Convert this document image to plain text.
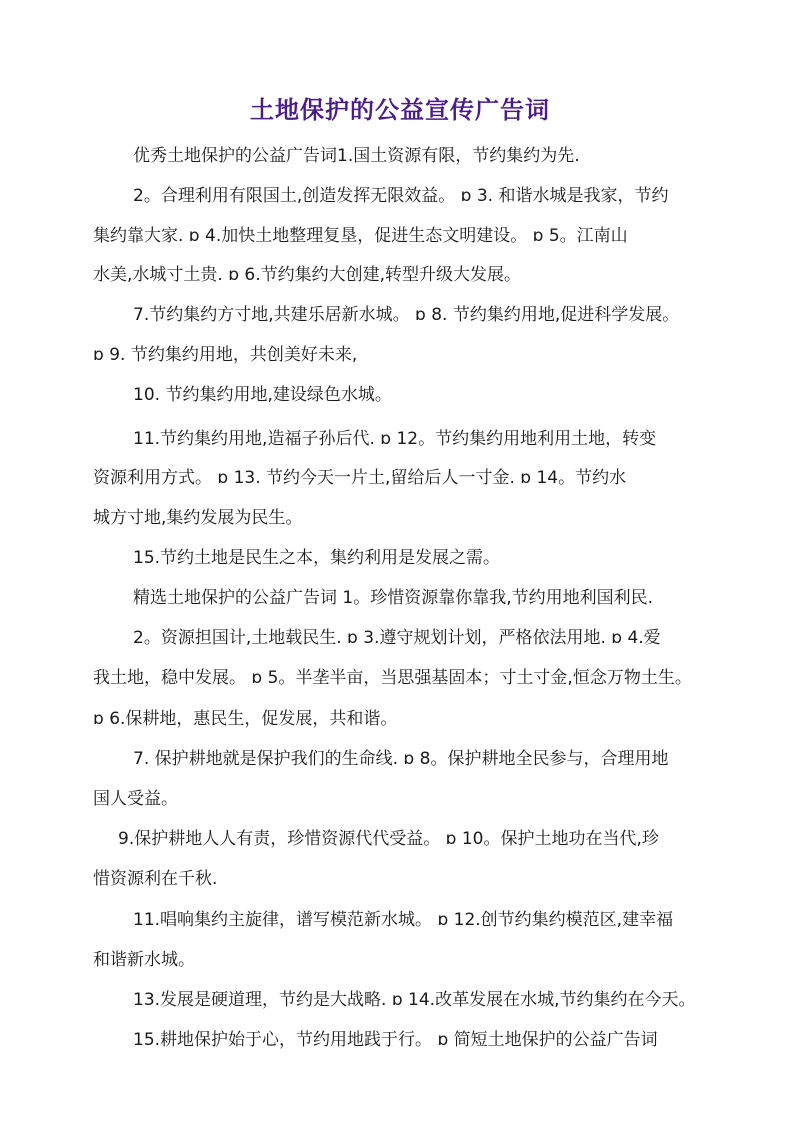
土地保护的公益宣传广告词

优秀土地保护的公益广告词1.国土资源有限，节约集约为先.

2。合理利用有限国土,创造发挥无限效益。 ɒ 3. 和谐水城是我家，节约

集约靠大家. ɒ 4.加快土地整理复垦，促进生态文明建设。 ɒ 5。江南山

水美,水城寸土贵. ɒ 6.节约集约大创建,转型升级大发展。

7.节约集约方寸地,共建乐居新水城。 ɒ 8. 节约集约用地,促进科学发展。

ɒ 9. 节约集约用地，共创美好未来,

10. 节约集约用地,建设绿色水城。

11.节约集约用地,造福子孙后代. ɒ 12。节约集约用地利用土地，转变

资源利用方式。 ɒ 13. 节约今天一片土,留给后人一寸金. ɒ 14。节约水

城方寸地,集约发展为民生。

15.节约土地是民生之本，集约利用是发展之需。

精选土地保护的公益广告词 1。珍惜资源靠你靠我,节约用地利国利民.

2。资源担国计,土地载民生. ɒ 3.遵守规划计划，严格依法用地. ɒ 4.爱

我土地，稳中发展。 ɒ 5。半垄半亩，当思强基固本；寸土寸金,恒念万物土生。

ɒ 6.保耕地，惠民生，促发展，共和谐。

7. 保护耕地就是保护我们的生命线. ɒ 8。保护耕地全民参与，合理用地

国人受益。

9.保护耕地人人有责，珍惜资源代代受益。 ɒ 10。保护土地功在当代,珍

惜资源利在千秋.

11.唱响集约主旋律，谱写模范新水城。 ɒ 12.创节约集约模范区,建幸福

和谐新水城。

13.发展是硬道理，节约是大战略. ɒ 14.改革发展在水城,节约集约在今天。

15.耕地保护始于心，节约用地践于行。 ɒ 简短土地保护的公益广告词
